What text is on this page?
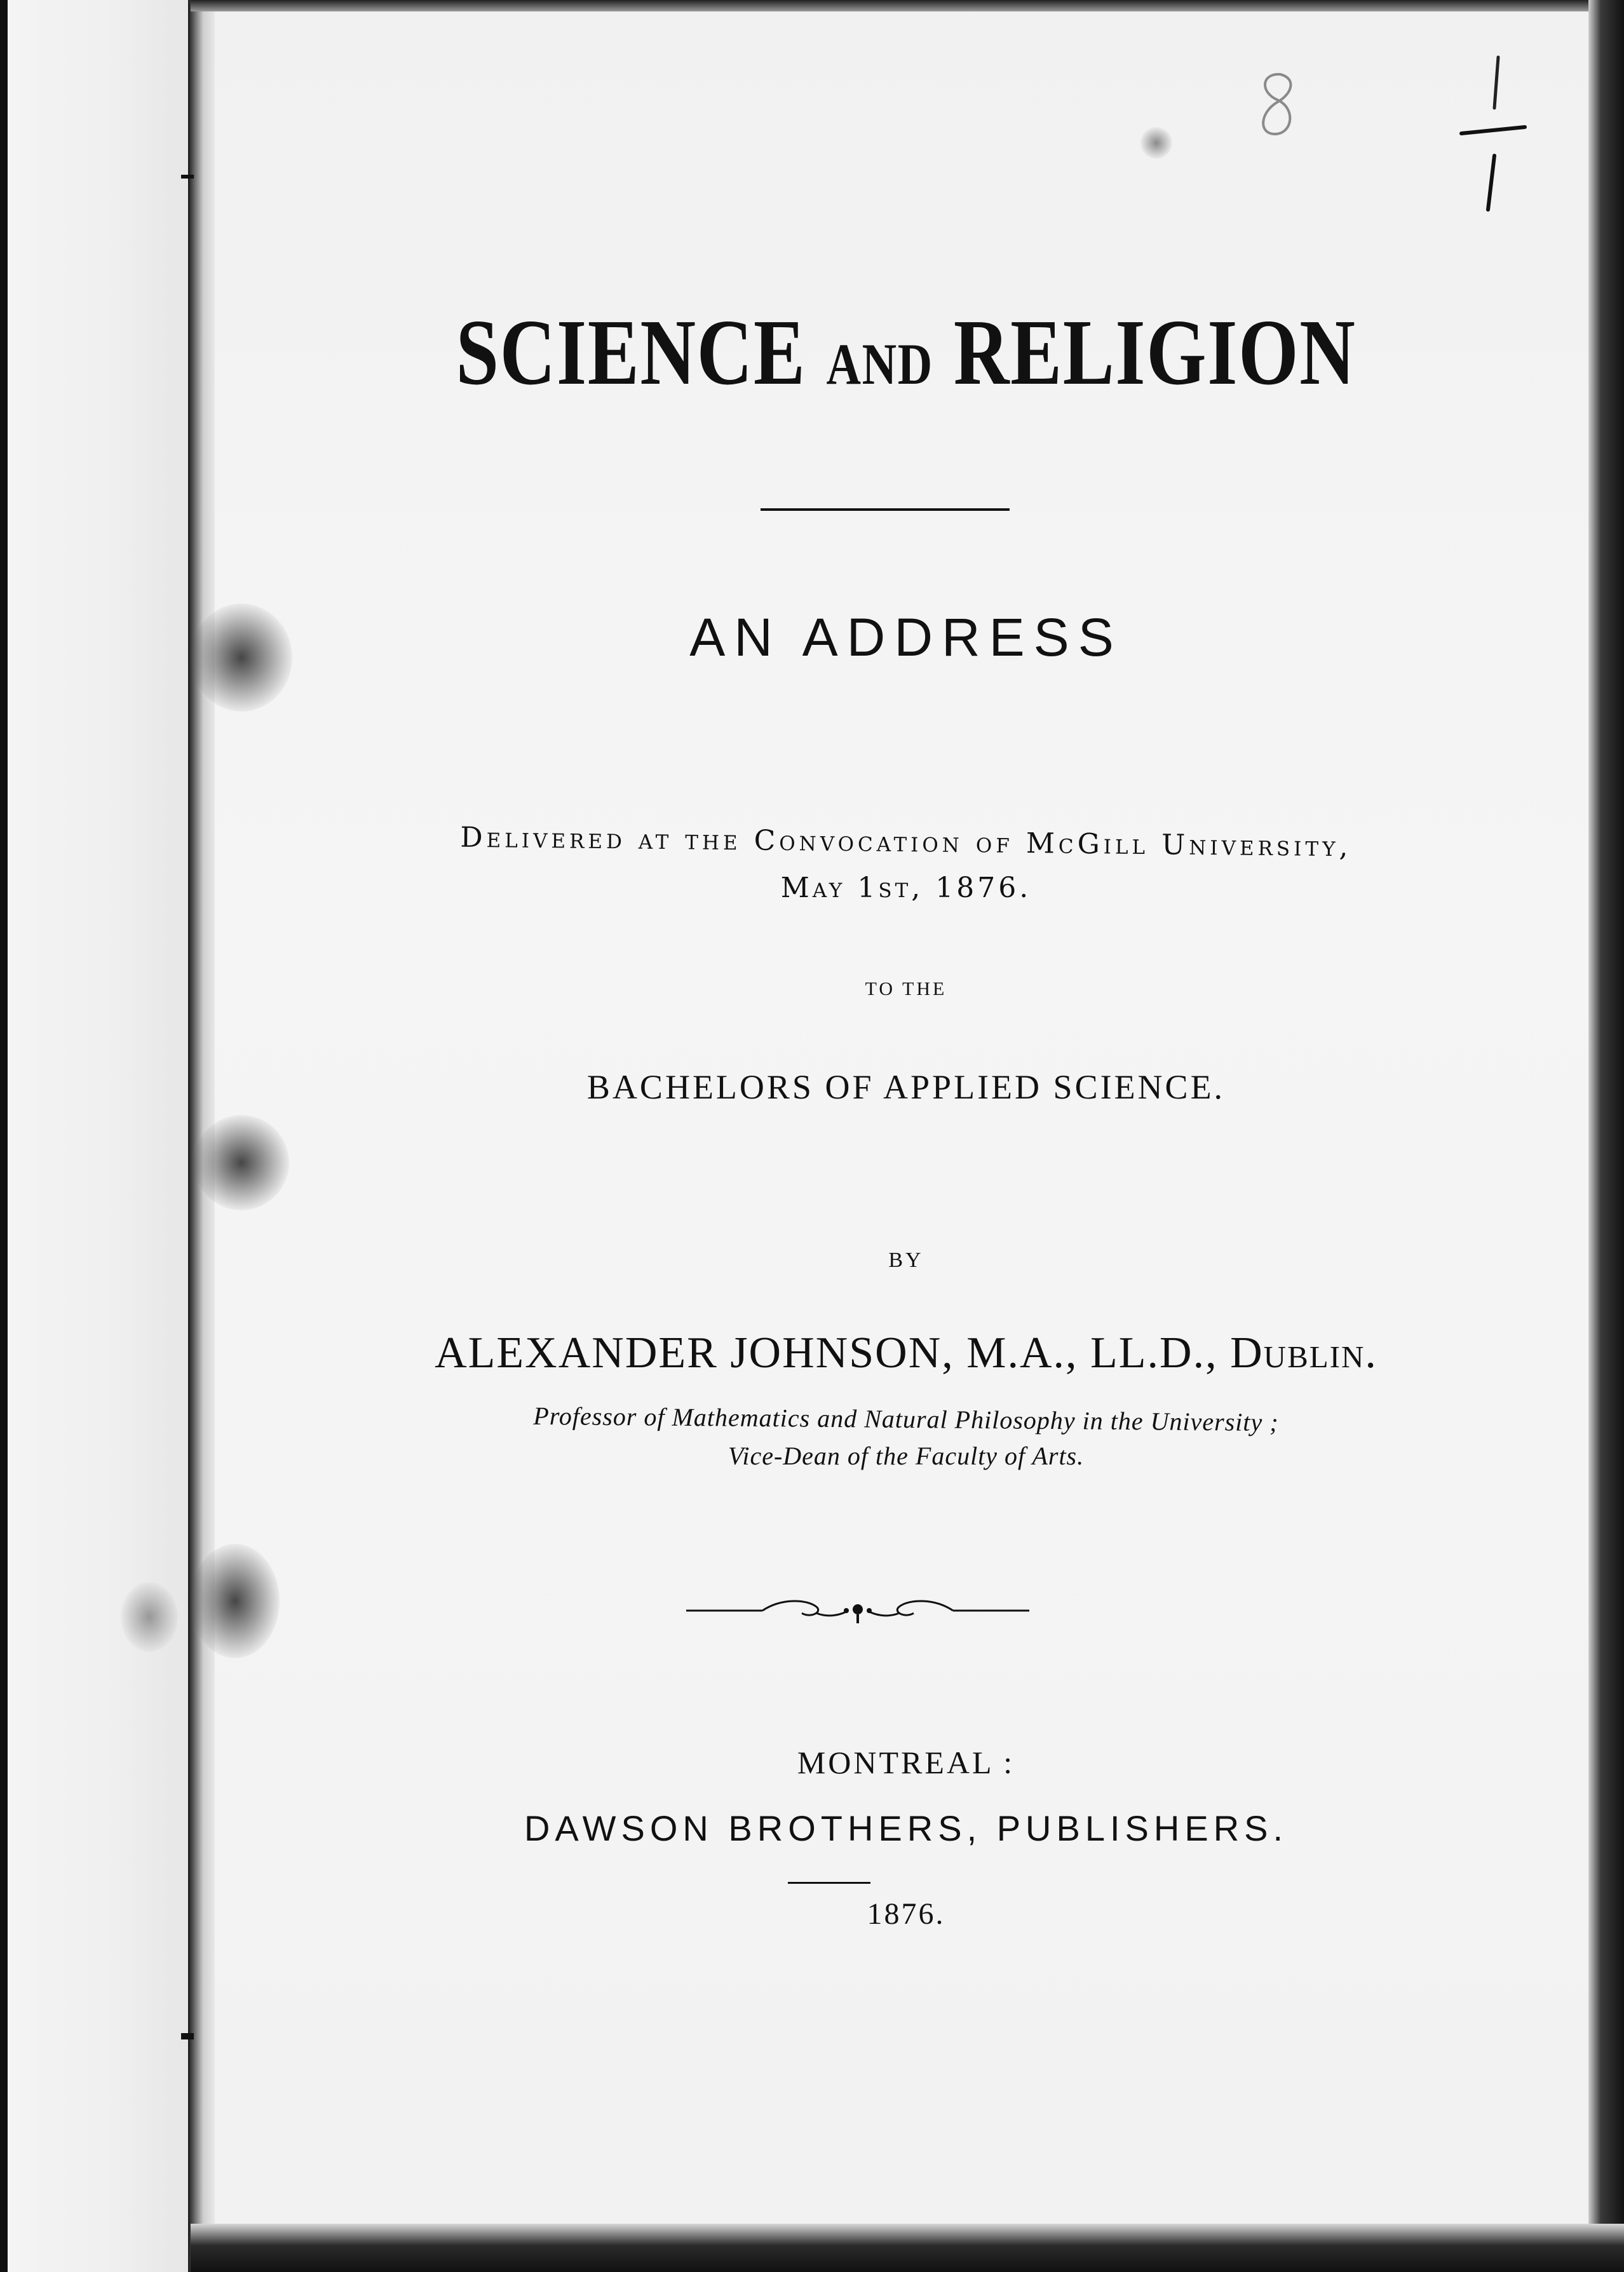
SCIENCE AND RELIGION
AN ADDRESS
Delivered at the Convocation of McGill University,
May 1st, 1876.
TO THE
BACHELORS OF APPLIED SCIENCE.
BY
ALEXANDER JOHNSON, M.A., LL.D., Dublin.
Professor of Mathematics and Natural Philosophy in the University ;
Vice-Dean of the Faculty of Arts.
MONTREAL :
DAWSON BROTHERS, PUBLISHERS.
1876.
